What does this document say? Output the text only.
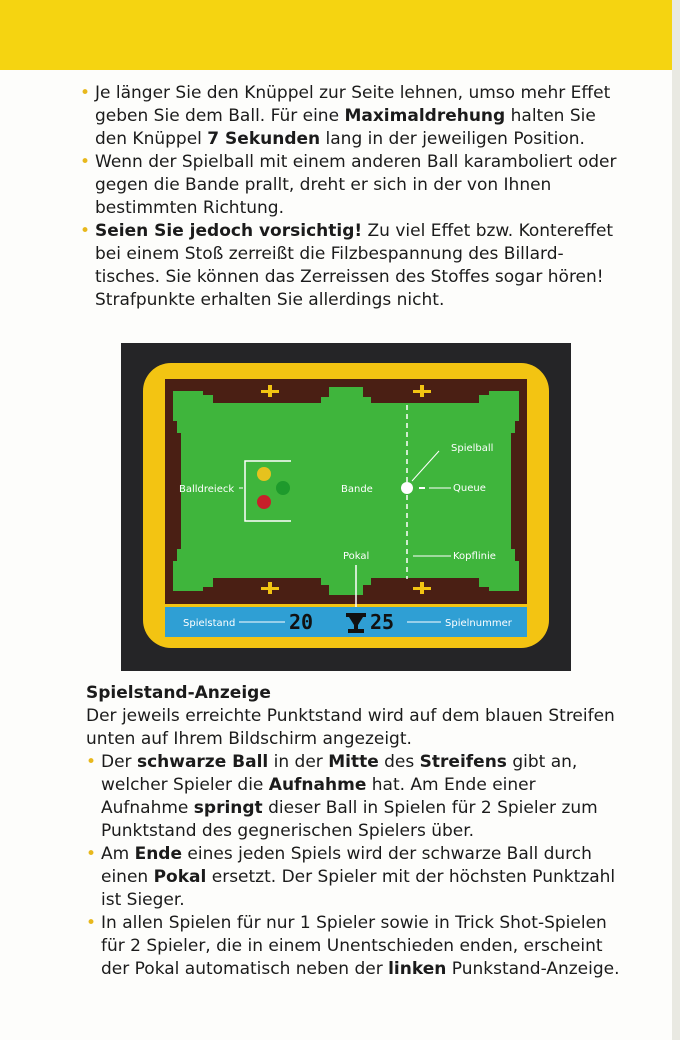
• Je länger Sie den Knüppel zur Seite lehnen, umso mehr Effet geben Sie dem Ball. Für eine Maximaldrehung halten Sie den Knüppel 7 Sekunden lang in der jeweiligen Position.

• Wenn der Spielball mit einem anderen Ball karamboliert oder gegen die Bande prallt, dreht er sich in der von Ihnen bestimmten Richtung.

• Seien Sie jedoch vorsichtig! Zu viel Effet bzw. Kontereffet bei einem Stoß zerreißt die Filzbespannung des Billard-tisches. Sie können das Zerreissen des Stoffes sogar hören! Strafpunkte erhalten Sie allerdings nicht.

Balldreieck	Bande
Spielball
Queue
Pokal	Kopflinie
Spielstand	20	25	Spielnummer
Spielstand-Anzeige

Der jeweils erreichte Punktstand wird auf dem blauen Streifen unten auf Ihrem Bildschirm angezeigt.

• Der schwarze Ball in der Mitte des Streifens gibt an, welcher Spieler die Aufnahme hat. Am Ende einer Aufnahme springt dieser Ball in Spielen für 2 Spieler zum Punktstand des gegnerischen Spielers über.

• Am Ende eines jeden Spiels wird der schwarze Ball durch einen Pokal ersetzt. Der Spieler mit der höchsten Punktzahl ist Sieger.

• In allen Spielen für nur 1 Spieler sowie in Trick Shot-Spielen für 2 Spieler, die in einem Unentschieden enden, erscheint der Pokal automatisch neben der linken Punkstand-Anzeige.
